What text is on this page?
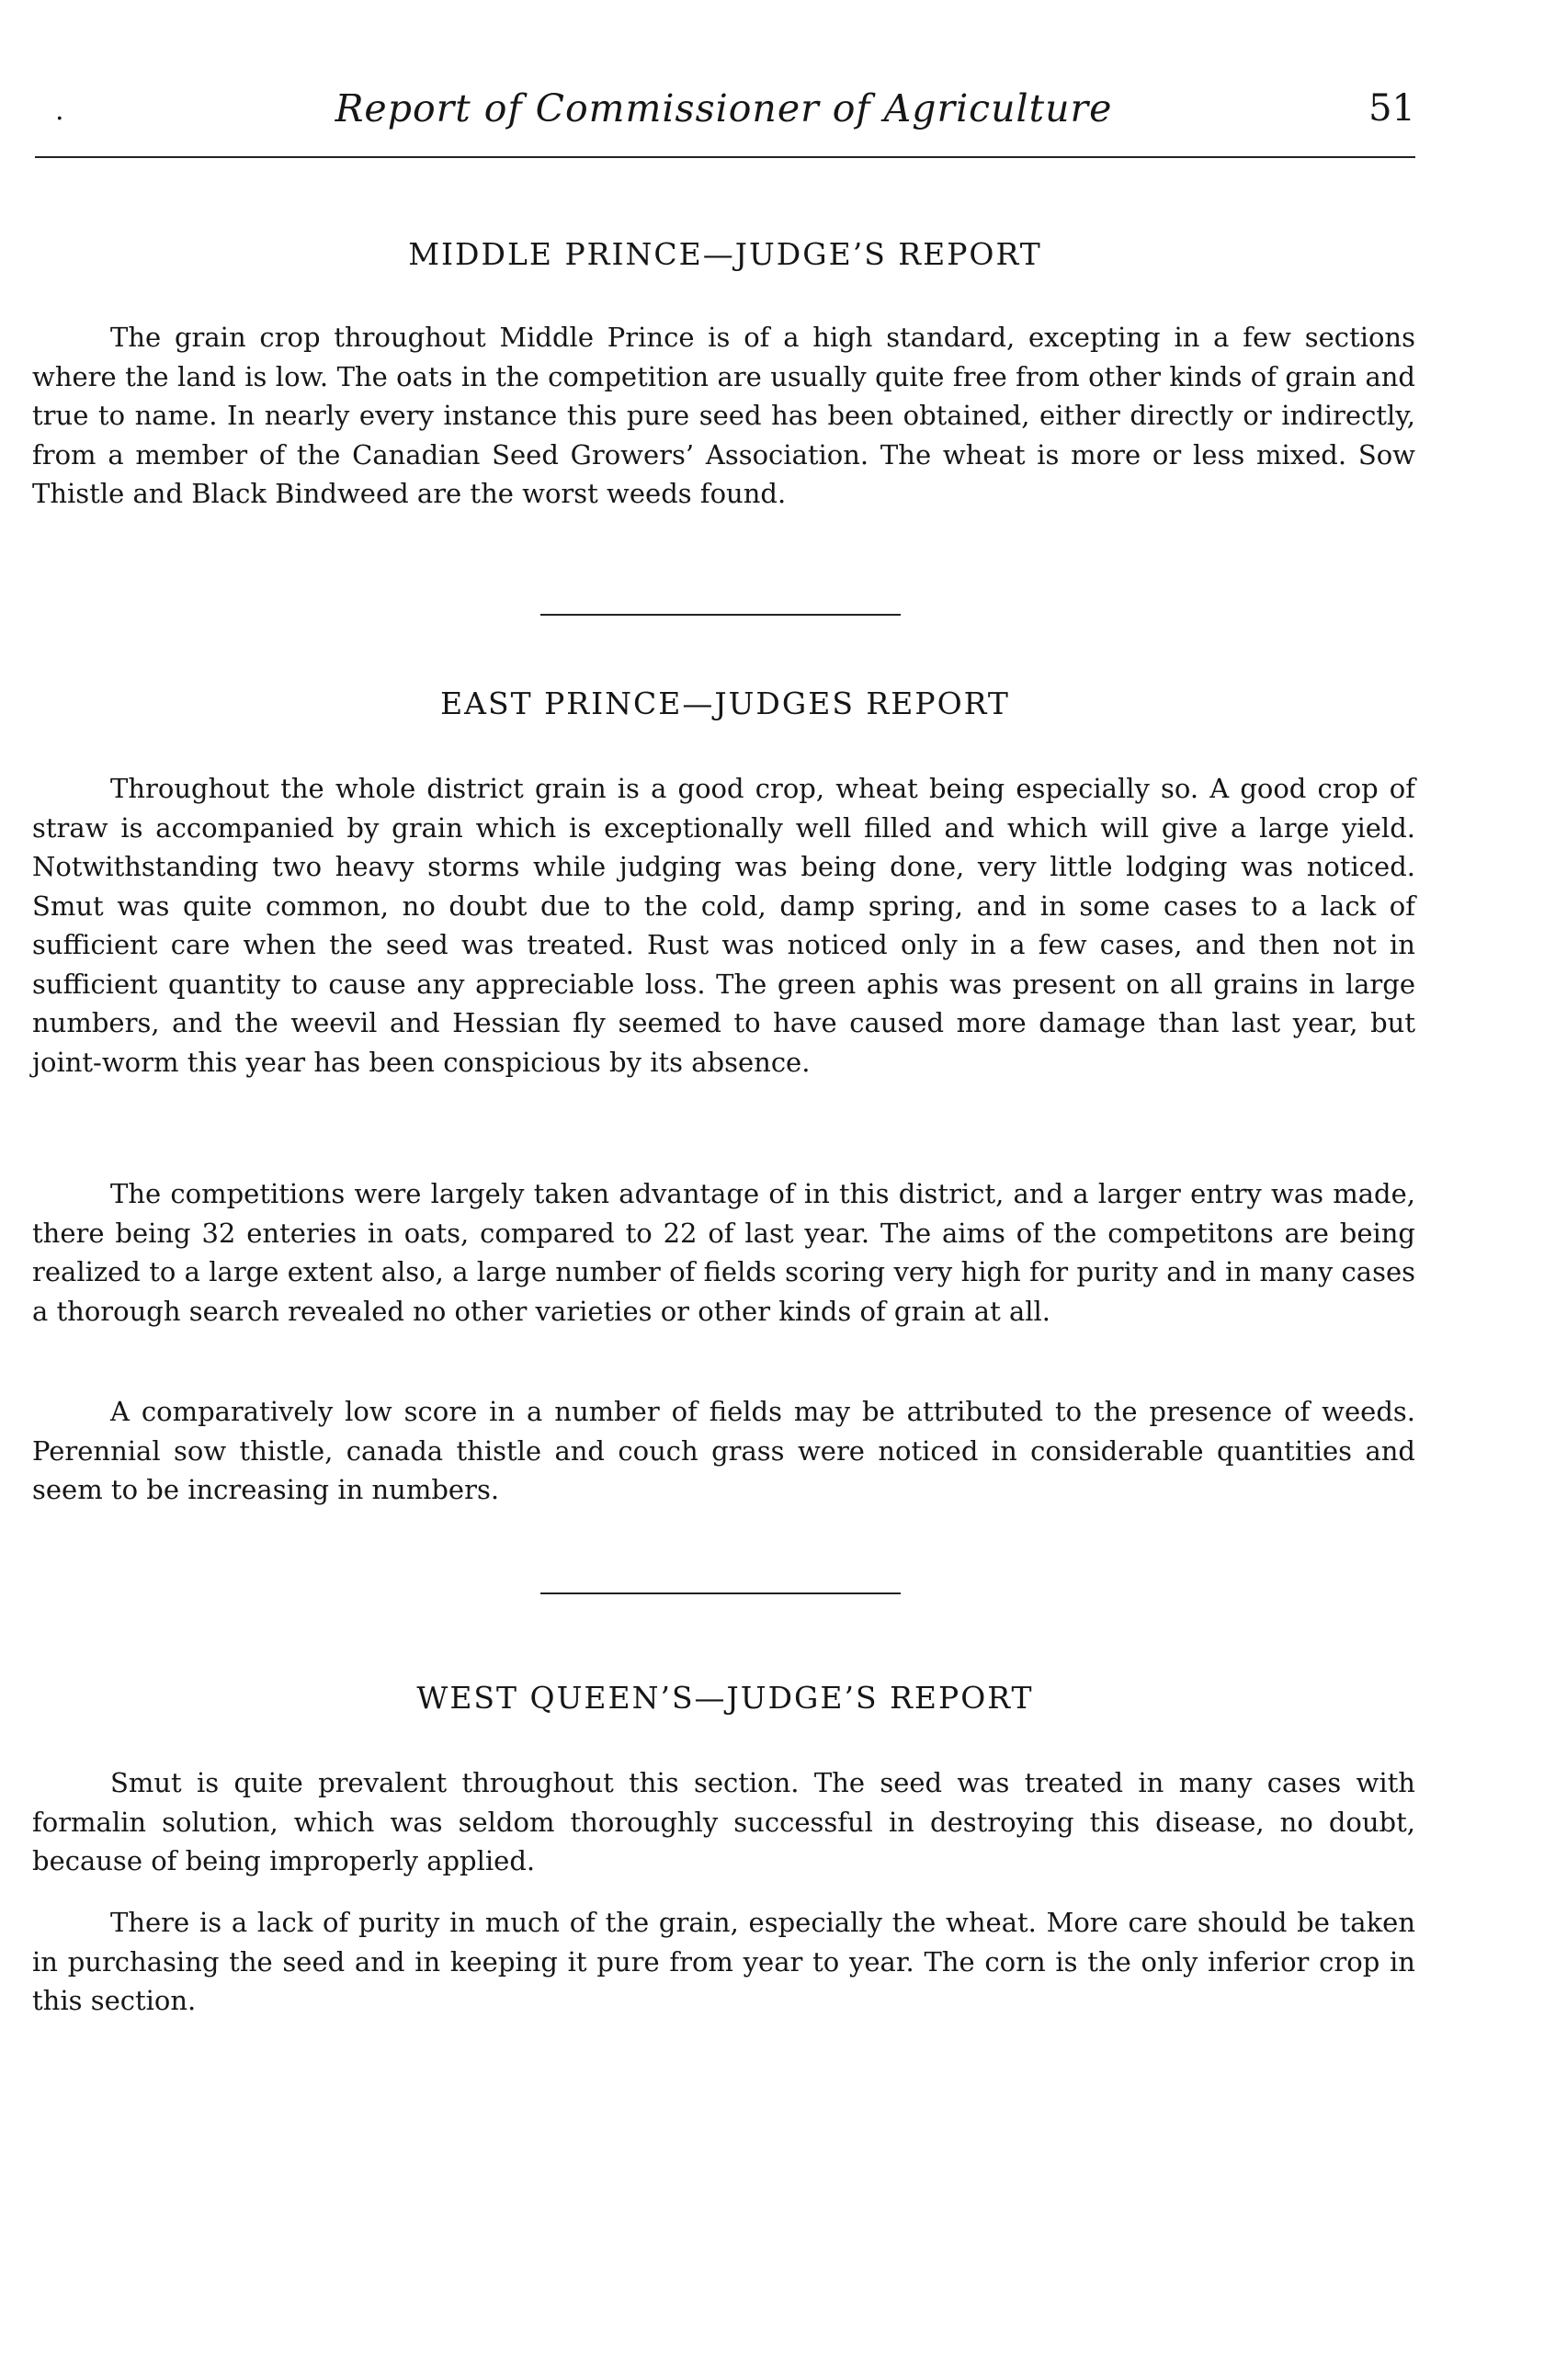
.	Report of Commissioner of Agriculture	51
MIDDLE PRINCE—JUDGE’S REPORT

The grain crop throughout Middle Prince is of a high standard, excepting in a few sections where the land is low. The oats in the competition are usually quite free from other kinds of grain and true to name. In nearly every instance this pure seed has been obtained, either directly or indirectly, from a member of the Canadian Seed Growers’ Association. The wheat is more or less mixed. Sow Thistle and Black Bindweed are the worst weeds found.

EAST PRINCE—JUDGES REPORT

Throughout the whole district grain is a good crop, wheat being especially so. A good crop of straw is accompanied by grain which is exceptionally well filled and which will give a large yield. Notwithstanding two heavy storms while judging was being done, very little lodging was noticed. Smut was quite common, no doubt due to the cold, damp spring, and in some cases to a lack of sufficient care when the seed was treated. Rust was noticed only in a few cases, and then not in sufficient quantity to cause any appreciable loss. The green aphis was present on all grains in large numbers, and the weevil and Hessian fly seemed to have caused more damage than last year, but joint-worm this year has been conspicious by its absence.

The competitions were largely taken advantage of in this district, and a larger entry was made, there being 32 enteries in oats, compared to 22 of last year. The aims of the competitons are being realized to a large extent also, a large number of fields scoring very high for purity and in many cases a thorough search revealed no other varieties or other kinds of grain at all.

A comparatively low score in a number of fields may be attributed to the presence of weeds. Perennial sow thistle, canada thistle and couch grass were noticed in considerable quantities and seem to be increasing in numbers.

WEST QUEEN’S—JUDGE’S REPORT

Smut is quite prevalent throughout this section. The seed was treated in many cases with formalin solution, which was seldom thoroughly successful in destroying this disease, no doubt, because of being improperly applied.

There is a lack of purity in much of the grain, especially the wheat. More care should be taken in purchasing the seed and in keeping it pure from year to year. The corn is the only inferior crop in this section.
